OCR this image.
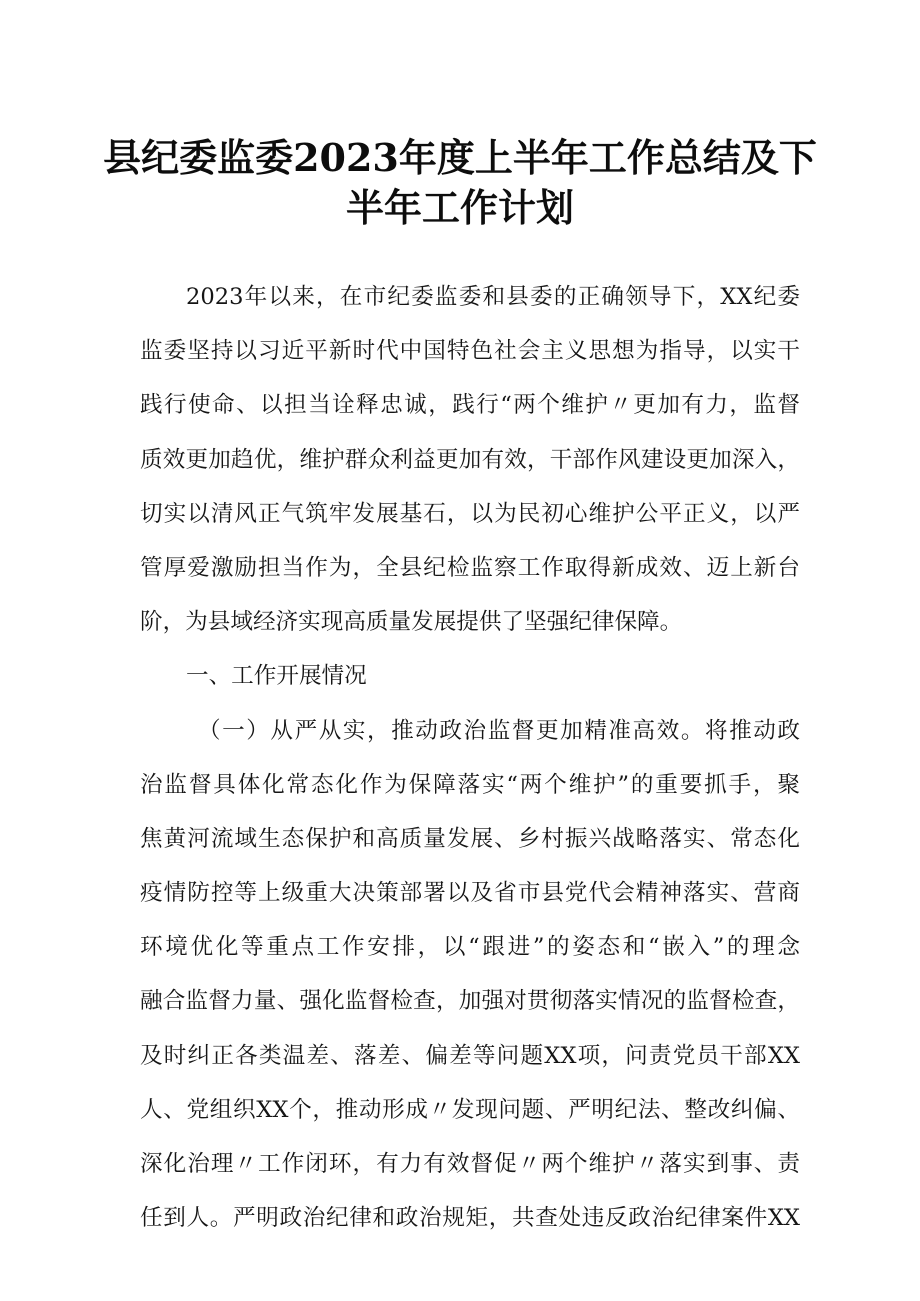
县纪委监委2023年度上半年工作总结及下
半年工作计划
2023年以来，在市纪委监委和县委的正确领导下，XX纪委
监委坚持以习近平新时代中国特色社会主义思想为指导，以实干
践行使命、以担当诠释忠诚，践行“两个维护〃更加有力，监督
质效更加趋优，维护群众利益更加有效，干部作风建设更加深入，
切实以清风正气筑牢发展基石，以为民初心维护公平正义，以严
管厚爱激励担当作为，全县纪检监察工作取得新成效、迈上新台
阶，为县域经济实现高质量发展提供了坚强纪律保障。
一、工作开展情况
（一）从严从实，推动政治监督更加精准高效。将推动政
治监督具体化常态化作为保障落实“两个维护”的重要抓手，聚
焦黄河流域生态保护和高质量发展、乡村振兴战略落实、常态化
疫情防控等上级重大决策部署以及省市县党代会精神落实、营商
环境优化等重点工作安排，以“跟进”的姿态和“嵌入”的理念
融合监督力量、强化监督检查，加强对贯彻落实情况的监督检查，
及时纠正各类温差、落差、偏差等问题XX项，问责党员干部XX
人、党组织XX个，推动形成〃发现问题、严明纪法、整改纠偏、
深化治理〃工作闭环，有力有效督促〃两个维护〃落实到事、责
任到人。严明政治纪律和政治规矩，共查处违反政治纪律案件XX
